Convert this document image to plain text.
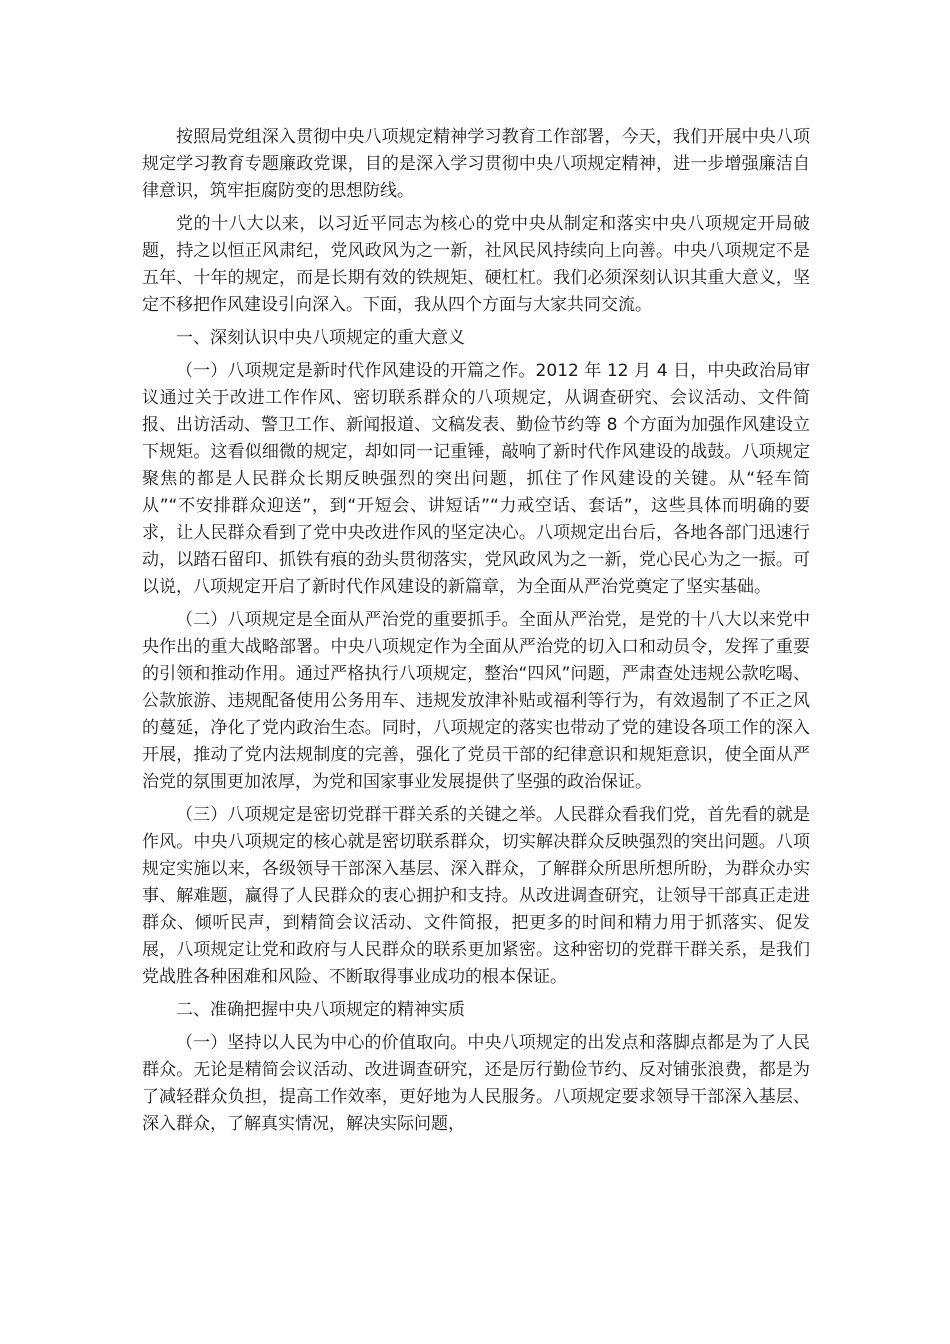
按照局党组深入贯彻中央八项规定精神学习教育工作部署，今天，我们开展中央八项规定学习教育专题廉政党课，目的是深入学习贯彻中央八项规定精神，进一步增强廉洁自律意识，筑牢拒腐防变的思想防线。

党的十八大以来，以习近平同志为核心的党中央从制定和落实中央八项规定开局破题，持之以恒正风肃纪，党风政风为之一新，社风民风持续向上向善。中央八项规定不是五年、十年的规定，而是长期有效的铁规矩、硬杠杠。我们必须深刻认识其重大意义，坚定不移把作风建设引向深入。下面，我从四个方面与大家共同交流。

一、深刻认识中央八项规定的重大意义

（一）八项规定是新时代作风建设的开篇之作。2012 年 12 月 4 日，中央政治局审议通过关于改进工作作风、密切联系群众的八项规定，从调查研究、会议活动、文件简报、出访活动、警卫工作、新闻报道、文稿发表、勤俭节约等 8 个方面为加强作风建设立下规矩。这看似细微的规定，却如同一记重锤，敲响了新时代作风建设的战鼓。八项规定聚焦的都是人民群众长期反映强烈的突出问题，抓住了作风建设的关键。从“轻车简从”“不安排群众迎送”，到“开短会、讲短话”“力戒空话、套话”，这些具体而明确的要求，让人民群众看到了党中央改进作风的坚定决心。八项规定出台后，各地各部门迅速行动，以踏石留印、抓铁有痕的劲头贯彻落实，党风政风为之一新，党心民心为之一振。可以说，八项规定开启了新时代作风建设的新篇章，为全面从严治党奠定了坚实基础。

（二）八项规定是全面从严治党的重要抓手。全面从严治党，是党的十八大以来党中央作出的重大战略部署。中央八项规定作为全面从严治党的切入口和动员令，发挥了重要的引领和推动作用。通过严格执行八项规定，整治“四风”问题，严肃查处违规公款吃喝、公款旅游、违规配备使用公务用车、违规发放津补贴或福利等行为，有效遏制了不正之风的蔓延，净化了党内政治生态。同时，八项规定的落实也带动了党的建设各项工作的深入开展，推动了党内法规制度的完善，强化了党员干部的纪律意识和规矩意识，使全面从严治党的氛围更加浓厚，为党和国家事业发展提供了坚强的政治保证。

（三）八项规定是密切党群干群关系的关键之举。人民群众看我们党，首先看的就是作风。中央八项规定的核心就是密切联系群众，切实解决群众反映强烈的突出问题。八项规定实施以来，各级领导干部深入基层、深入群众，了解群众所思所想所盼，为群众办实事、解难题，赢得了人民群众的衷心拥护和支持。从改进调查研究，让领导干部真正走进群众、倾听民声，到精简会议活动、文件简报，把更多的时间和精力用于抓落实、促发展，八项规定让党和政府与人民群众的联系更加紧密。这种密切的党群干群关系，是我们党战胜各种困难和风险、不断取得事业成功的根本保证。

二、准确把握中央八项规定的精神实质

（一）坚持以人民为中心的价值取向。中央八项规定的出发点和落脚点都是为了人民群众。无论是精简会议活动、改进调查研究，还是厉行勤俭节约、反对铺张浪费，都是为了减轻群众负担，提高工作效率，更好地为人民服务。八项规定要求领导干部深入基层、深入群众，了解真实情况，解决实际问题，
